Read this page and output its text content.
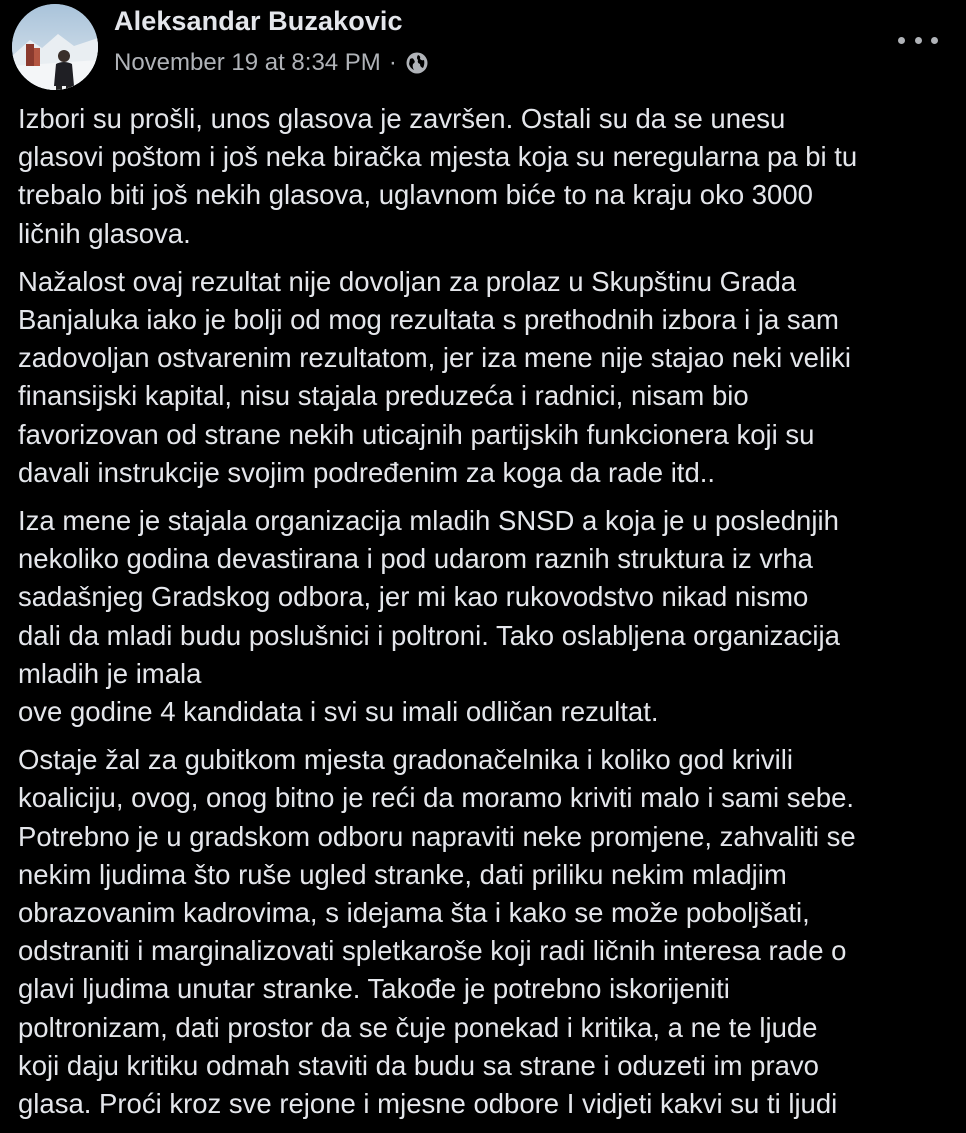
Aleksandar Buzakovic
November 19 at 8:34 PM ·

Izbori su prošli, unos glasova je završen. Ostali su da se unesu
glasovi poštom i još neka biračka mjesta koja su neregularna pa bi tu
trebalo biti još nekih glasova, uglavnom biće to na kraju oko 3000
ličnih glasova.

Nažalost ovaj rezultat nije dovoljan za prolaz u Skupštinu Grada
Banjaluka iako je bolji od mog rezultata s prethodnih izbora i ja sam
zadovoljan ostvarenim rezultatom, jer iza mene nije stajao neki veliki
finansijski kapital, nisu stajala preduzeća i radnici, nisam bio
favorizovan od strane nekih uticajnih partijskih funkcionera koji su
davali instrukcije svojim podređenim za koga da rade itd..

Iza mene je stajala organizacija mladih SNSD a koja je u poslednjih
nekoliko godina devastirana i pod udarom raznih struktura iz vrha
sadašnjeg Gradskog odbora, jer mi kao rukovodstvo nikad nismo
dali da mladi budu poslušnici i poltroni. Tako oslabljena organizacija
mladih je imala
ove godine 4 kandidata i svi su imali odličan rezultat.

Ostaje žal za gubitkom mjesta gradonačelnika i koliko god krivili
koaliciju, ovog, onog bitno je reći da moramo kriviti malo i sami sebe.
Potrebno je u gradskom odboru napraviti neke promjene, zahvaliti se
nekim ljudima što ruše ugled stranke, dati priliku nekim mladjim
obrazovanim kadrovima, s idejama šta i kako se može poboljšati,
odstraniti i marginalizovati spletkaroše koji radi ličnih interesa rade o
glavi ljudima unutar stranke. Takođe je potrebno iskorijeniti
poltronizam, dati prostor da se čuje ponekad i kritika, a ne te ljude
koji daju kritiku odmah staviti da budu sa strane i oduzeti im pravo
glasa. Proći kroz sve rejone i mjesne odbore I vidjeti kakvi su ti ljudi
